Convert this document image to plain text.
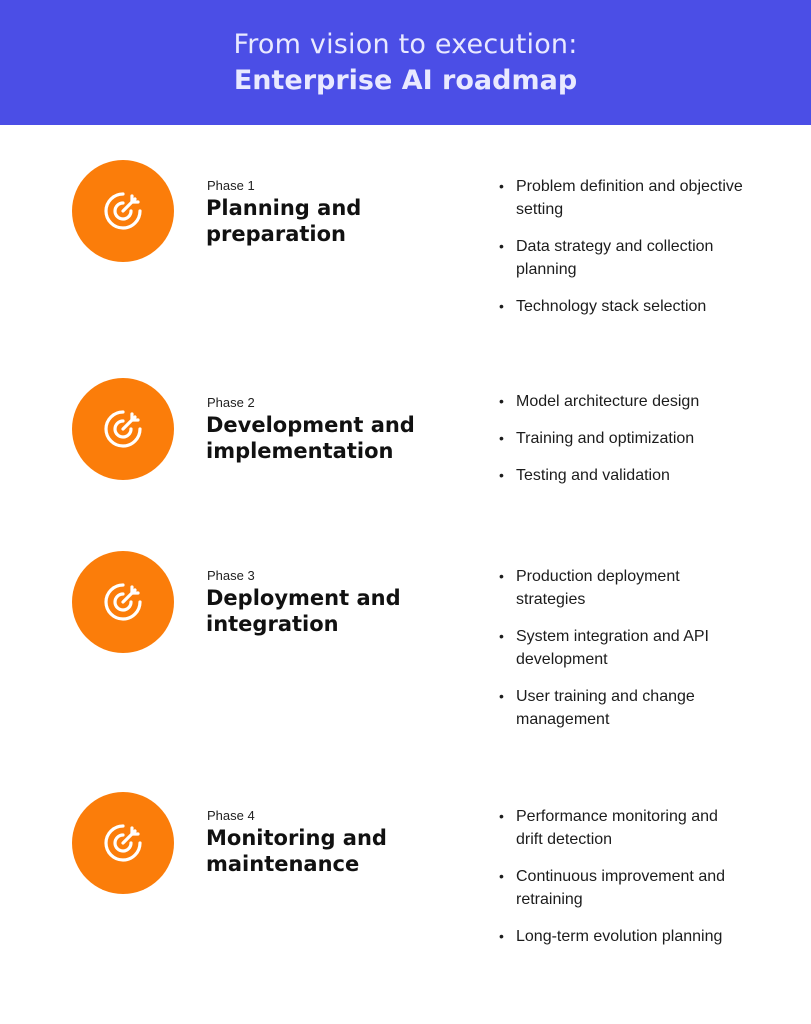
From vision to execution:
Enterprise AI roadmap
Phase 1
Planning and preparation
• Problem definition and objective setting
• Data strategy and collection planning
• Technology stack selection
Phase 2
Development and implementation
• Model architecture design
• Training and optimization
• Testing and validation
Phase 3
Deployment and integration
• Production deployment strategies
• System integration and API development
• User training and change management
Phase 4
Monitoring and maintenance
• Performance monitoring and drift detection
• Continuous improvement and retraining
• Long-term evolution planning
